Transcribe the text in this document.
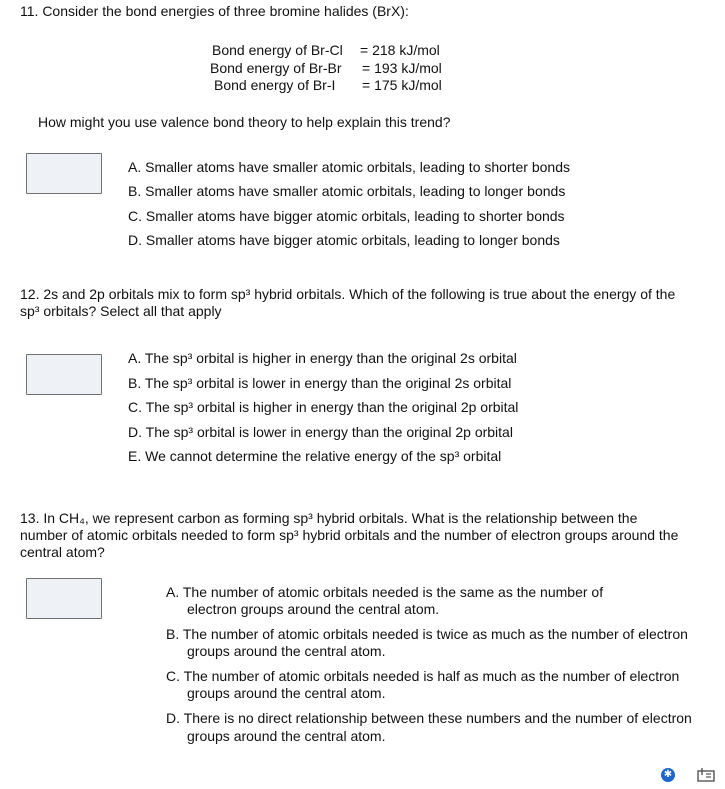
11. Consider the bond energies of three bromine halides (BrX):
Bond energy of Br-Cl = 218 kJ/mol
Bond energy of Br-Br = 193 kJ/mol
Bond energy of Br-I = 175 kJ/mol
How might you use valence bond theory to help explain this trend?
A. Smaller atoms have smaller atomic orbitals, leading to shorter bonds
B. Smaller atoms have smaller atomic orbitals, leading to longer bonds
C. Smaller atoms have bigger atomic orbitals, leading to shorter bonds
D. Smaller atoms have bigger atomic orbitals, leading to longer bonds
12. 2s and 2p orbitals mix to form sp³ hybrid orbitals. Which of the following is true about the energy of the
sp³ orbitals? Select all that apply
A. The sp³ orbital is higher in energy than the original 2s orbital
B. The sp³ orbital is lower in energy than the original 2s orbital
C. The sp³ orbital is higher in energy than the original 2p orbital
D. The sp³ orbital is lower in energy than the original 2p orbital
E. We cannot determine the relative energy of the sp³ orbital
13. In CH₄, we represent carbon as forming sp³ hybrid orbitals. What is the relationship between the
number of atomic orbitals needed to form sp³ hybrid orbitals and the number of electron groups around the
central atom?
A. The number of atomic orbitals needed is the same as the number of
electron groups around the central atom.
B. The number of atomic orbitals needed is twice as much as the number of electron
groups around the central atom.
C. The number of atomic orbitals needed is half as much as the number of electron
groups around the central atom.
D. There is no direct relationship between these numbers and the number of electron
groups around the central atom.
✱
